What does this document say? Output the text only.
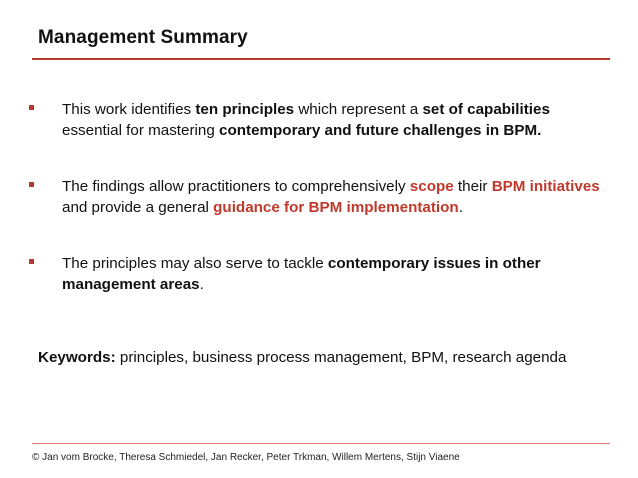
Management Summary
This work identifies ten principles which represent a set of capabilities essential for mastering contemporary and future challenges in BPM.
The findings allow practitioners to comprehensively scope their BPM initiatives and provide a general guidance for BPM implementation.
The principles may also serve to tackle contemporary issues in other management areas.
Keywords: principles, business process management, BPM, research agenda
© Jan vom Brocke, Theresa Schmiedel, Jan Recker, Peter Trkman, Willem Mertens, Stijn Viaene
